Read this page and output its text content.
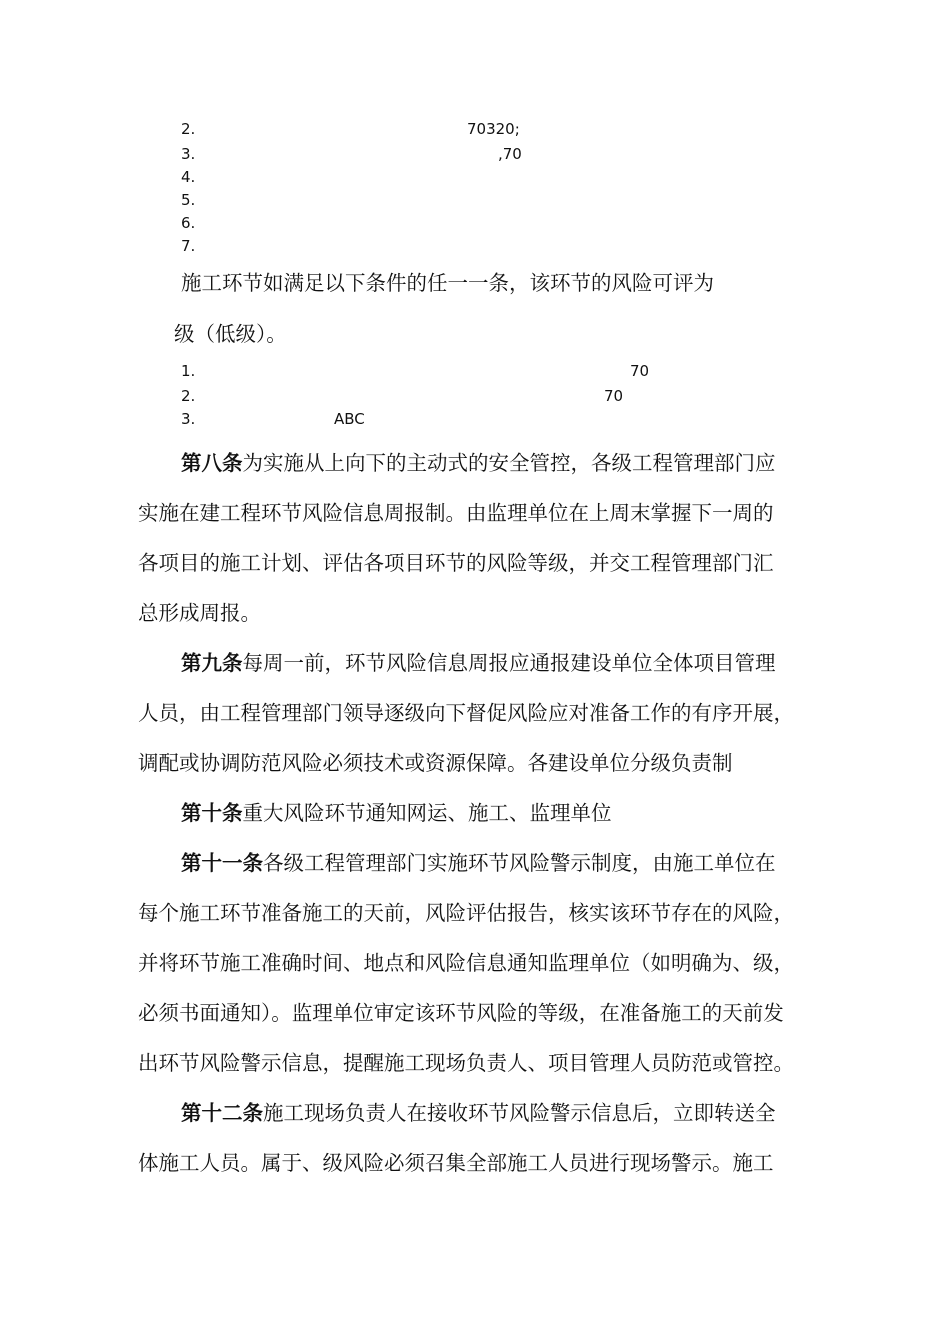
2.	70320;
3.	,70
4.
5.
6.
7.
施工环节如满足以下条件的任一一条，该环节的风险可评为
级（低级）。
1.	70
2.	70
3.	ABC
第八条为实施从上向下的主动式的安全管控，各级工程管理部门应
实施在建工程环节风险信息周报制。由监理单位在上周末掌握下一周的
各项目的施工计划、评估各项目环节的风险等级，并交工程管理部门汇
总形成周报。
第九条每周一前，环节风险信息周报应通报建设单位全体项目管理
人员，由工程管理部门领导逐级向下督促风险应对准备工作的有序开展，
调配或协调防范风险必须技术或资源保障。各建设单位分级负责制
第十条重大风险环节通知网运、施工、监理单位
第十一条各级工程管理部门实施环节风险警示制度，由施工单位在
每个施工环节准备施工的天前，风险评估报告，核实该环节存在的风险，
并将环节施工准确时间、地点和风险信息通知监理单位（如明确为、级，
必须书面通知）。监理单位审定该环节风险的等级，在准备施工的天前发
出环节风险警示信息，提醒施工现场负责人、项目管理人员防范或管控。
第十二条施工现场负责人在接收环节风险警示信息后，立即转送全
体施工人员。属于、级风险必须召集全部施工人员进行现场警示。施工
